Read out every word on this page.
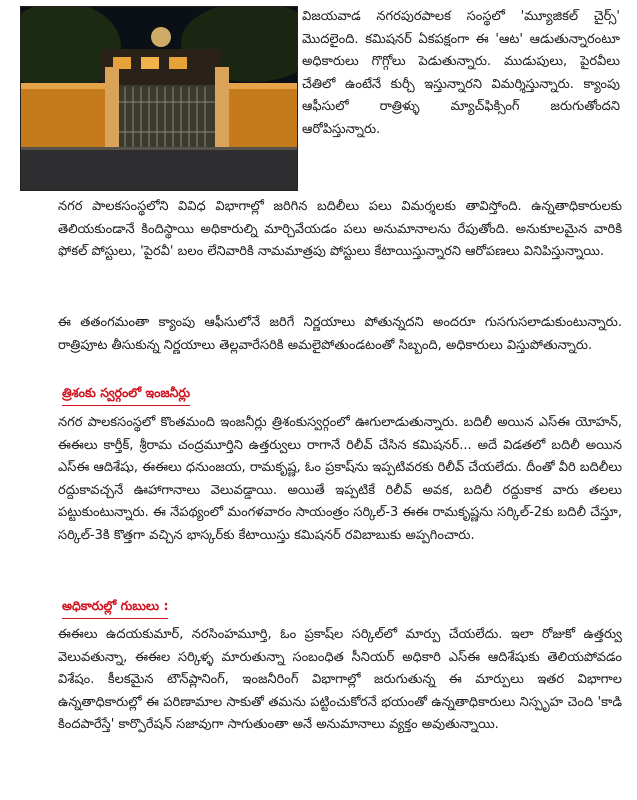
విజయవాడ నగరపురపాలక సంస్థలో 'మ్యూజికల్ చైర్స్' మొదలైంది. కమిషనర్ ఏకపక్షంగా ఈ 'ఆట' ఆడుతున్నారంటూ అధికారులు గొగ్గోలు పెడుతున్నారు. ముడుపులు, పైరవీలు చేతిలో ఉంటేనే కుర్చీ ఇస్తున్నారని విమర్శిస్తున్నారు. క్యాంపు ఆఫీసులో రాత్రిళ్ళు మ్యాచ్‌ఫిక్సింగ్ జరుగుతోందని ఆరోపిస్తున్నారు.

నగర పాలకసంస్థలోని వివిధ విభాగాల్లో జరిగిన బదిలీలు పలు విమర్శలకు తావిస్తోంది. ఉన్నతాధికారులకు తెలియకుండానే కిందిస్థాయి అధికారుల్ని మార్చివేయడం పలు అనుమానాలను రేపుతోంది. అనుకూలమైన వారికి ఫోకల్ పోస్టులు, 'పైరవీ' బలం లేనివారికి నామమాత్రపు పోస్టులు కేటాయిస్తున్నారని ఆరోపణలు వినిపిస్తున్నాయి.

ఈ తతంగమంతా క్యాంపు ఆఫీసులోనే జరిగే నిర్ణయాలు పోతున్నదని అందరూ గుసగుసలాడుకుంటున్నారు. రాత్రిపూట తీసుకున్న నిర్ణయాలు తెల్లవారేసరికి అమలైపోతుండటంతో సిబ్బంది, అధికారులు విస్తుపోతున్నారు.

త్రిశంకు స్వర్గంలో ఇంజనీర్లు

నగర పాలకసంస్థలో కొంతమంది ఇంజనీర్లు త్రిశంకుస్వర్గంలో ఊగులాడుతున్నారు. బదిలీ అయిన ఎస్‌ఈ యోహన్, ఈఈలు కార్తీక్, శ్రీరామ చంద్రమూర్తిని ఉత్తర్వులు రాగానే రిలీవ్ చేసిన కమిషనర్... అదే విడతలో బదిలీ అయిన ఎస్‌ఈ ఆదిశేషు, ఈఈలు ధనుంజయ, రామకృష్ణ, ఓం ప్రకాష్‌ను ఇప్పటివరకు రిలీవ్ చేయలేదు. దీంతో వీరి బదిలీలు రద్దుకావచ్చనే ఊహాగానాలు వెలువడ్డాయి. అయితే ఇప్పటికే రిలీవ్ అవక, బదిలీ రద్దుకాక వారు తలలు పట్టుకుంటున్నారు. ఈ నేపథ్యంలో మంగళవారం సాయంత్రం సర్కిల్-3 ఈఈ రామకృష్ణను సర్కిల్-2కు బదిలీ చేస్తూ, సర్కిల్-3కి కొత్తగా వచ్చిన భాస్కర్‌కు కేటాయిస్తు కమిషనర్ రవిబాబుకు అప్పగించారు.

అధికారుల్లో గుబులు :

ఈఈలు ఉదయకుమార్, నరసింహమూర్తి, ఓం ప్రకాష్‌ల సర్కిల్‌లో మార్పు చేయలేదు. ఇలా రోజుకో ఉత్తర్వు వెలువతున్నా, ఈఈల సర్కిళ్ళ మారుతున్నా సంబంధిత సీనియర్ అధికారి ఎస్‌ఈ ఆదిశేషుకు తెలియపోవడం విశేషం. కీలకమైన టౌన్‌ప్లానింగ్, ఇంజనీరింగ్ విభాగాల్లో జరుగుతున్న ఈ మార్పులు ఇతర విభాగాల ఉన్నతాధికారుల్లో ఈ పరిణామాల సాకుతో తమను పట్టించుకోరనే భయంతో ఉన్నతాధికారులు నిస్పృహ చెంది 'కాడి కిందపారేస్తే' కార్పొరేషన్ సజావుగా సాగుతుంతా అనే అనుమానాలు వ్యక్తం అవుతున్నాయి.
